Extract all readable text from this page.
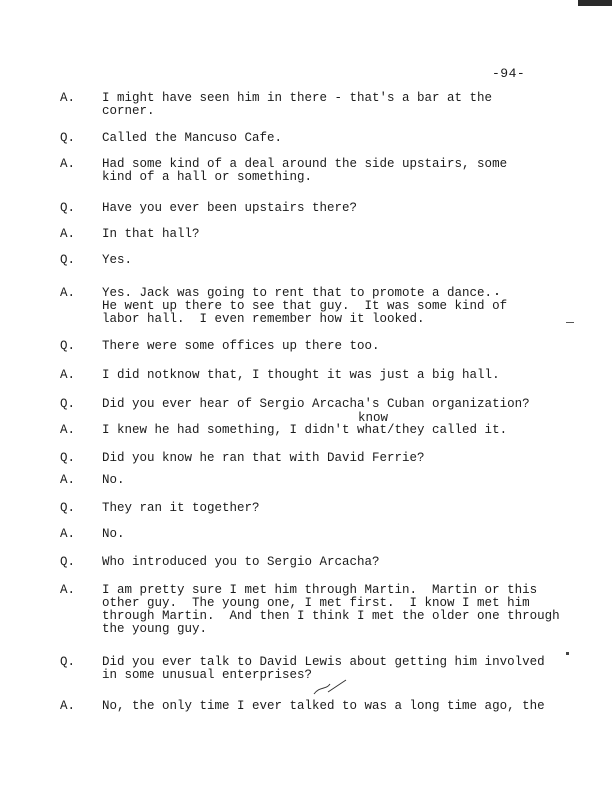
-94-
A. I might have seen him in there - that's a bar at the
corner.
Q. Called the Mancuso Cafe.
A. Had some kind of a deal around the side upstairs, some
kind of a hall or something.
Q. Have you ever been upstairs there?
A. In that hall?
Q. Yes.
A. Yes. Jack was going to rent that to promote a dance.
He went up there to see that guy.  It was some kind of
labor hall.  I even remember how it looked.
Q. There were some offices up there too.
A. I did notknow that, I thought it was just a big hall.
Q. Did you ever hear of Sergio Arcacha's Cuban organization?
A. I knew he had something, I didn't what/they called it.
know
Q. Did you know he ran that with David Ferrie?
A. No.
Q. They ran it together?
A. No.
Q. Who introduced you to Sergio Arcacha?
A. I am pretty sure I met him through Martin.  Martin or this
other guy.  The young one, I met first.  I know I met him
through Martin.  And then I think I met the older one through
the young guy.
Q. Did you ever talk to David Lewis about getting him involved
in some unusual enterprises?
A. No, the only time I ever talked to was a long time ago, the
